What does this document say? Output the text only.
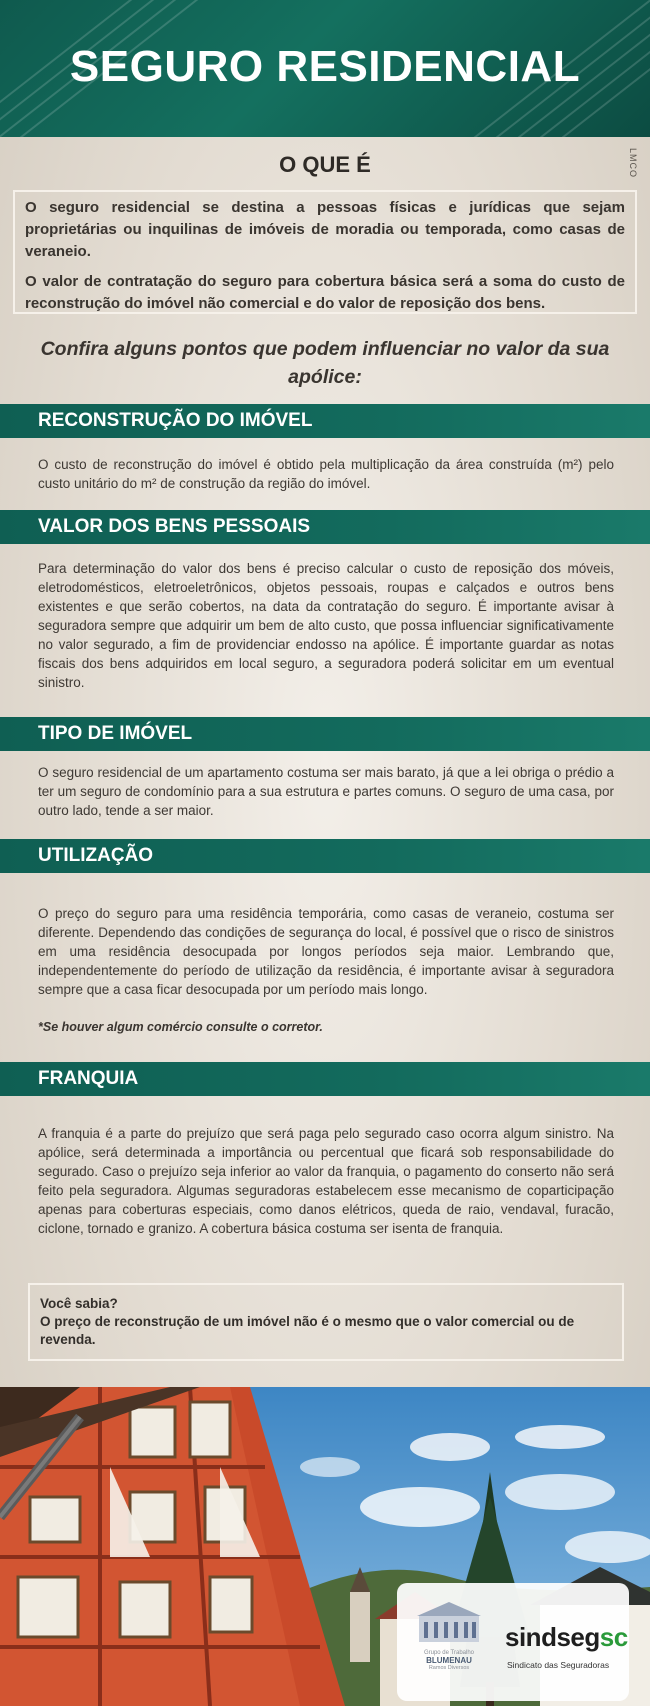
SEGURO RESIDENCIAL
LMCO
O QUE É

O seguro residencial se destina a pessoas físicas e jurídicas que sejam proprietárias ou inquilinas de imóveis de moradia ou temporada, como casas de veraneio.

O valor de contratação do seguro para cobertura básica será a soma do custo de reconstrução do imóvel não comercial e do valor de reposição dos bens.

Confira alguns pontos que podem influenciar no valor da sua apólice:
RECONSTRUÇÃO DO IMÓVEL
O custo de reconstrução do imóvel é obtido pela multiplicação da área construída (m²) pelo custo unitário do m² de construção da região do imóvel.
VALOR DOS BENS PESSOAIS
Para determinação do valor dos bens é preciso calcular o custo de reposição dos móveis, eletrodomésticos, eletroeletrônicos, objetos pessoais, roupas e calçados e outros bens existentes e que serão cobertos, na data da contratação do seguro. É importante avisar à seguradora sempre que adquirir um bem de alto custo, que possa influenciar significativamente no valor segurado, a fim de providenciar endosso na apólice. É importante guardar as notas fiscais dos bens adquiridos em local seguro, a seguradora poderá solicitar em um eventual sinistro.
TIPO DE IMÓVEL
O seguro residencial de um apartamento costuma ser mais barato, já que a lei obriga o prédio a ter um seguro de condomínio para a sua estrutura e partes comuns. O seguro de uma casa, por outro lado, tende a ser maior.
UTILIZAÇÃO
O preço do seguro para uma residência temporária, como casas de veraneio, costuma ser diferente. Dependendo das condições de segurança do local, é possível que o risco de sinistros em uma residência desocupada por longos períodos seja maior. Lembrando que, independentemente do período de utilização da residência, é importante avisar à seguradora sempre que a casa ficar desocupada por um período mais longo.
*Se houver algum comércio consulte o corretor.
FRANQUIA
A franquia é a parte do prejuízo que será paga pelo segurado caso ocorra algum sinistro. Na apólice, será determinada a importância ou percentual que ficará sob responsabilidade do segurado. Caso o prejuízo seja inferior ao valor da franquia, o pagamento do conserto não será feito pela seguradora. Algumas seguradoras estabelecem esse mecanismo de coparticipação apenas para coberturas especiais, como danos elétricos, queda de raio, vendaval, furacão, ciclone, tornado e granizo. A cobertura básica costuma ser isenta de franquia.
Você sabia?
O preço de reconstrução de um imóvel não é o mesmo que o valor comercial ou de revenda.
Grupo de Trabalho
BLUMENAU
Ramos Diversos
sindsegsc
Sindicato das Seguradoras
